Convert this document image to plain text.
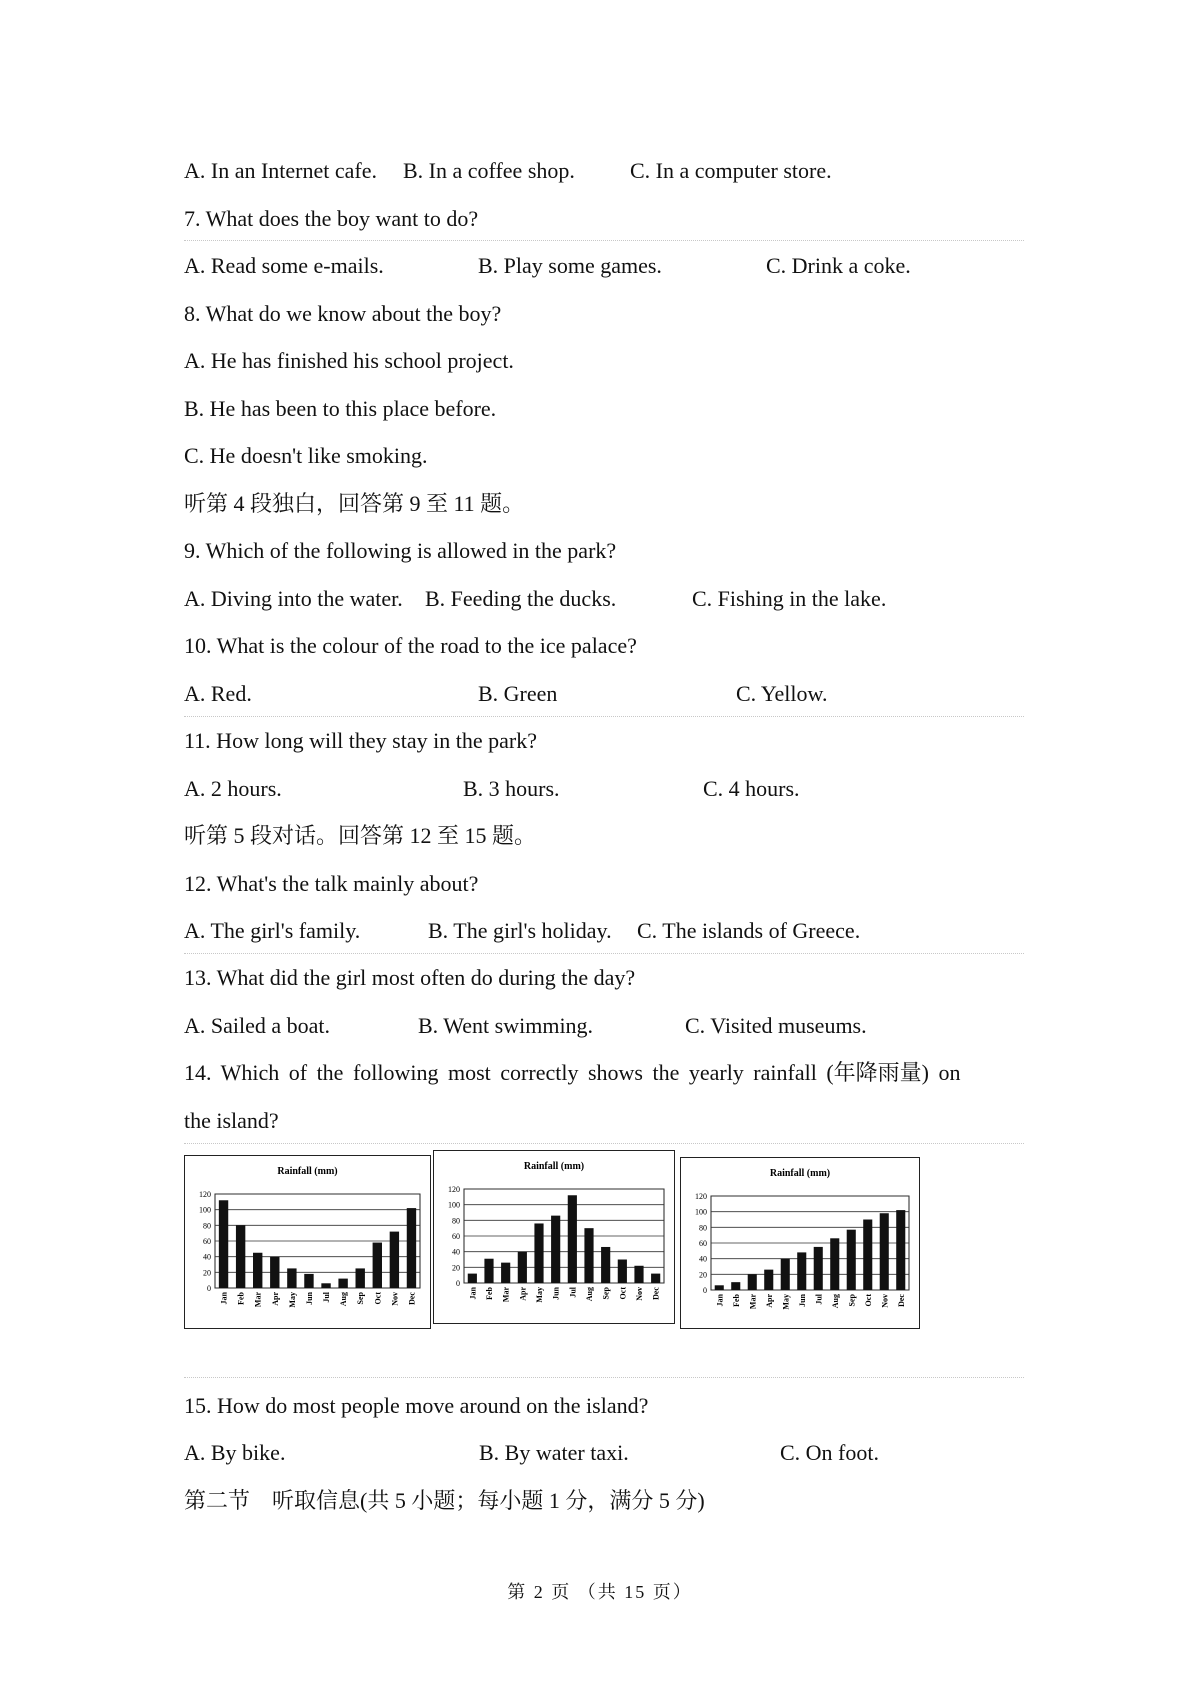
A. In an Internet cafe. B. In a coffee shop.	C. In a computer store.
7. What does the boy want to do?
A. Read some e-mails.	B. Play some games.	C. Drink a coke.
8. What do we know about the boy?
A. He has finished his school project.
B. He has been to this place before.
C. He doesn't like smoking.
听第 4 段独白，回答第 9 至 11 题。
9. Which of the following is allowed in the park?
A. Diving into the water. B. Feeding the ducks.	C. Fishing in the lake.
10. What is the colour of the road to the ice palace?
A. Red.	B. Green	C. Yellow.
11. How long will they stay in the park?
A. 2 hours.	B. 3 hours.	C. 4 hours.
听第 5 段对话。回答第 12 至 15 题。
12. What's the talk mainly about?
A. The girl's family.	B. The girl's holiday. C. The islands of Greece.
13. What did the girl most often do during the day?
A. Sailed a boat.	B. Went swimming.	C. Visited museums.
14. Which of the following most correctly shows the yearly rainfall (年降雨量) on
the island?
Rainfall (mm)
0
20
40
60
80
100
120
Jan Feb Mar Apr May Jun Jul Aug Sep Oct Nov Dec
Rainfall (mm)
0
20
40
60
80
100
120
Jan Feb Mar Apr May Jun Jul Aug Sep Oct Nov Dec
Rainfall (mm)
0
20
40
60
80
100
120
Jan Feb Mar Apr May Jun Jul Aug Sep Oct Nov Dec
15. How do most people move around on the island?
A. By bike.	B. By water taxi.	C. On foot.
第二节　听取信息(共 5 小题；每小题 1 分，满分 5 分)
第 2 页 （共 15 页）
